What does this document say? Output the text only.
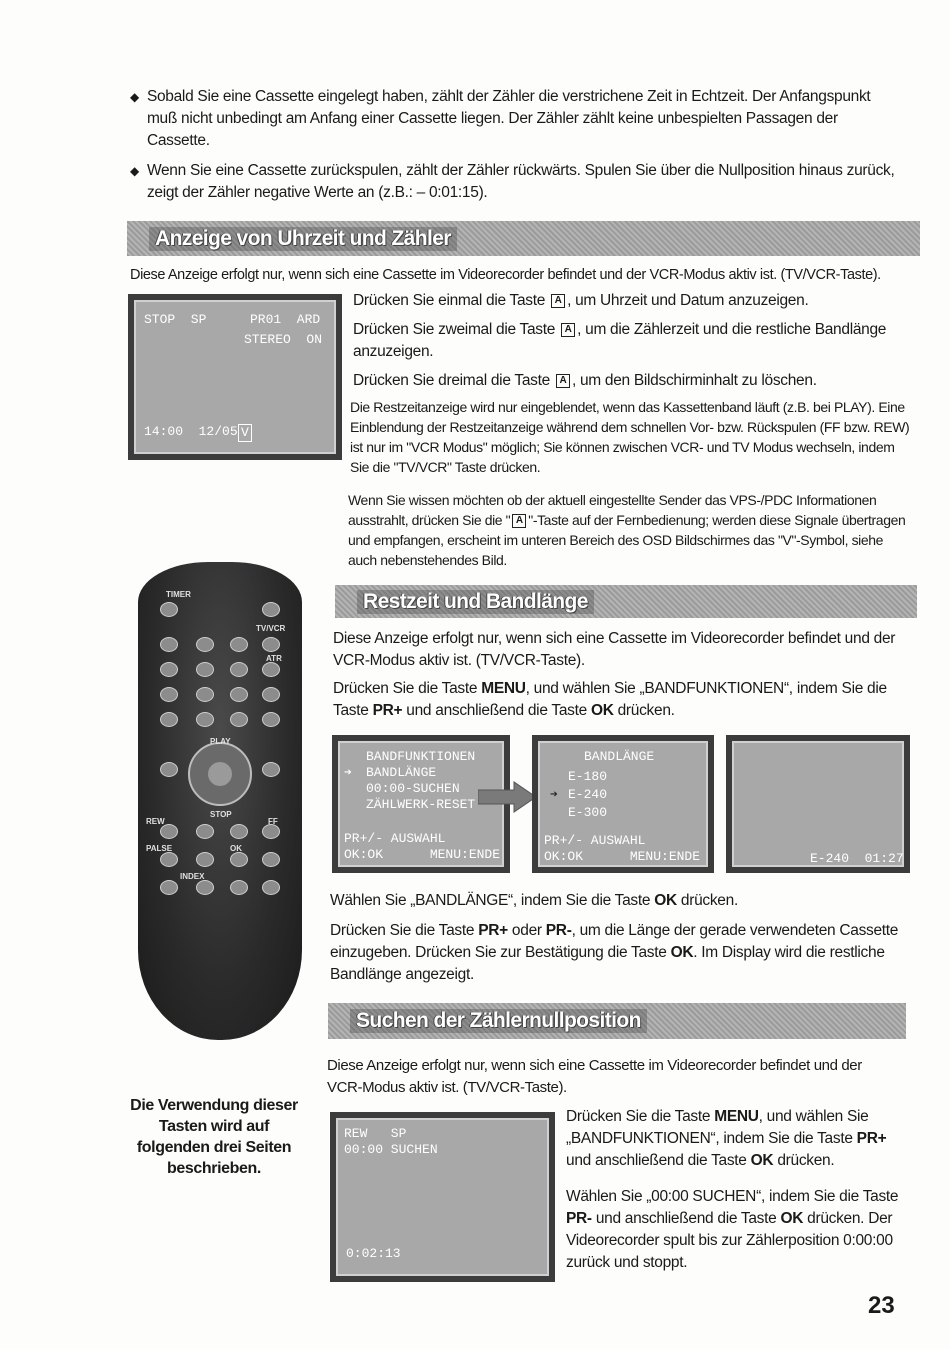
◆ Sobald Sie eine Cassette eingelegt haben, zählt der Zähler die verstrichene Zeit in Echtzeit. Der Anfangspunkt muß nicht unbedingt am Anfang einer Cassette liegen. Der Zähler zählt keine unbespielten Passagen der Cassette.
◆ Wenn Sie eine Cassette zurückspulen, zählt der Zähler rückwärts. Spulen Sie über die Nullposition hinaus zurück, zeigt der Zähler negative Werte an (z.B.: – 0:01:15).
Anzeige von Uhrzeit und Zähler
Diese Anzeige erfolgt nur, wenn sich eine Cassette im Videorecorder befindet und der VCR-Modus aktiv ist. (TV/VCR-Taste).
STOP  SP	PR01  ARD
STEREO  ON
14:00  12/05 V
Drücken Sie einmal die Taste A , um Uhrzeit und Datum anzuzeigen.
Drücken Sie zweimal die Taste A , um die Zählerzeit und die restliche Bandlänge anzuzeigen.
Drücken Sie dreimal die Taste A , um den Bildschirminhalt zu löschen.
Die Restzeitanzeige wird nur eingeblendet, wenn das Kassettenband läuft (z.B. bei PLAY). Eine Einblendung der Restzeitanzeige während dem schnellen Vor- bzw. Rückspulen (FF bzw. REW) ist nur im "VCR Modus" möglich; Sie können zwischen VCR- und TV Modus wechseln, indem Sie die "TV/VCR" Taste drücken.
Wenn Sie wissen möchten ob der aktuell eingestellte Sender das VPS-/PDC Informationen ausstrahlt, drücken Sie die " A "-Taste auf der Fernbedienung; werden diese Signale übertragen und empfangen, erscheint im unteren Bereich des OSD Bildschirmes das "V"-Symbol, siehe auch nebenstehendes Bild.
TIMER
TV/VCR
ATR
PALSE	OK
INDEX
REW	FF
PLAY
STOP
Restzeit und Bandlänge
Diese Anzeige erfolgt nur, wenn sich eine Cassette im Videorecorder befindet und der VCR-Modus aktiv ist. (TV/VCR-Taste).
Drücken Sie die Taste MENU, und wählen Sie „BANDFUNKTIONEN“, indem Sie die Taste PR+ und anschließend die Taste OK drücken.
BANDFUNKTIONEN
➔ BANDLÄNGE
00:00-SUCHEN
ZÄHLWERK-RESET
PR+/- AUSWAHL
OK:OK      MENU:ENDE
BANDLÄNGE
E-180
➔ E-240
E-300
PR+/- AUSWAHL
OK:OK      MENU:ENDE	E-240  01:27
Wählen Sie „BANDLÄNGE“, indem Sie die Taste OK drücken.
Drücken Sie die Taste PR+ oder PR-, um die Länge der gerade verwendeten Cassette einzugeben. Drücken Sie zur Bestätigung die Taste OK. Im Display wird die restliche Bandlänge angezeigt.
Suchen der Zählernullposition
Diese Anzeige erfolgt nur, wenn sich eine Cassette im Videorecorder befindet und der VCR-Modus aktiv ist. (TV/VCR-Taste).
REW   SP
00:00 SUCHEN
0:02:13
Drücken Sie die Taste MENU, und wählen Sie „BANDFUNKTIONEN“, indem Sie die Taste PR+ und anschließend die Taste OK drücken.
Wählen Sie „00:00 SUCHEN“, indem Sie die Taste PR- und anschließend die Taste OK drücken. Der Videorecorder spult bis zur Zählerposition 0:00:00 zurück und stoppt.
Die Verwendung dieser Tasten wird auf folgenden drei Seiten beschrieben.
23
